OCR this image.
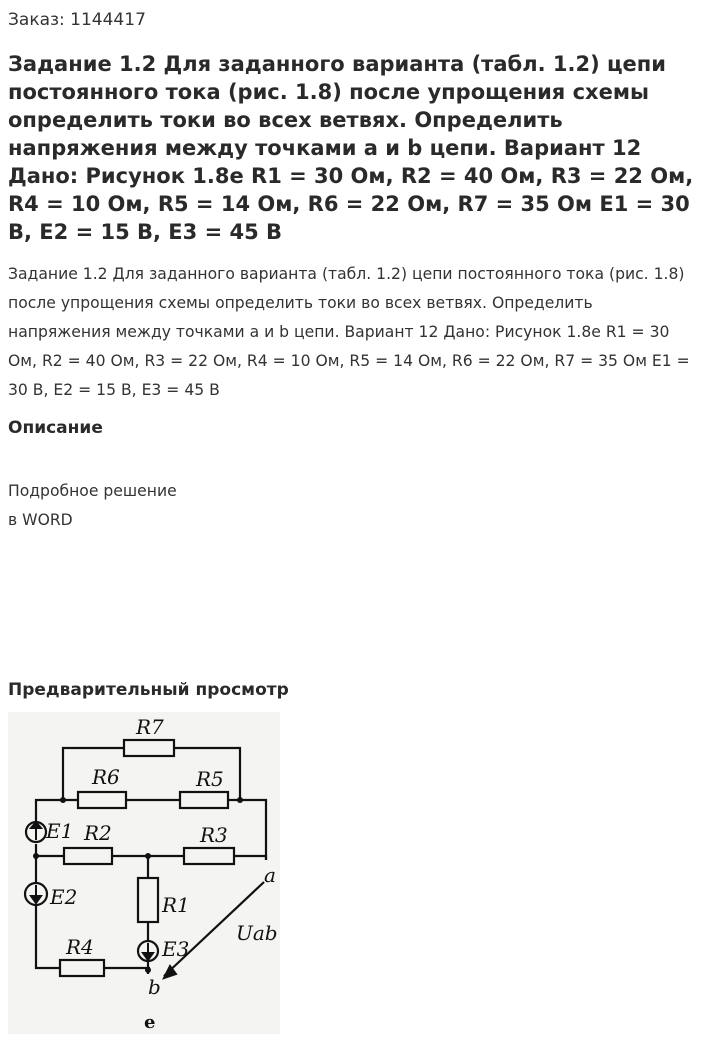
Заказ: 1144417
Задание 1.2 Для заданного варианта (табл. 1.2) цепи постоянного тока (рис. 1.8) после упрощения схемы определить токи во всех ветвях. Определить напряжения между точками a и b цепи. Вариант 12 Дано: Рисунок 1.8е R1 = 30 Ом, R2 = 40 Ом, R3 = 22 Ом, R4 = 10 Ом, R5 = 14 Ом, R6 = 22 Ом, R7 = 35 Ом E1 = 30 В, E2 = 15 В, E3 = 45 В

Задание 1.2 Для заданного варианта (табл. 1.2) цепи постоянного тока (рис. 1.8) после упрощения схемы определить токи во всех ветвях. Определить напряжения между точками a и b цепи. Вариант 12 Дано: Рисунок 1.8е R1 = 30 Ом, R2 = 40 Ом, R3 = 22 Ом, R4 = 10 Ом, R5 = 14 Ом, R6 = 22 Ом, R7 = 35 Ом E1 = 30 В, E2 = 15 В, E3 = 45 В

Описание
Подробное решение
в WORD
Предварительный просмотр
R7
R6	R5
E1 R2	R3
a
E2	R1
Uab
R4	E3
b
e
